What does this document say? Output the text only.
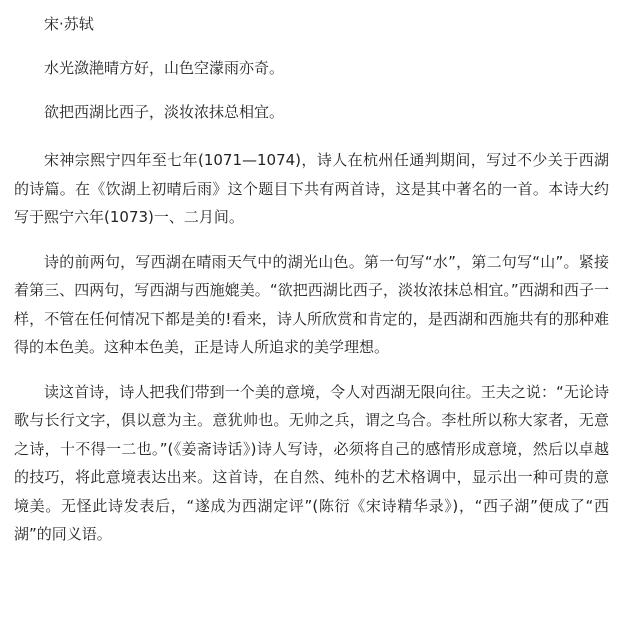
宋·苏轼
水光潋滟晴方好，山色空濛雨亦奇。
欲把西湖比西子，淡妆浓抹总相宜。
宋神宗熙宁四年至七年(1071—1074)，诗人在杭州任通判期间，写过不少关于西湖的诗篇。在《饮湖上初晴后雨》这个题目下共有两首诗，这是其中著名的一首。本诗大约写于熙宁六年(1073)一、二月间。
诗的前两句，写西湖在晴雨天气中的湖光山色。第一句写“水”，第二句写“山”。紧接着第三、四两句，写西湖与西施媲美。“欲把西湖比西子，淡妆浓抹总相宜。”西湖和西子一样，不管在任何情况下都是美的!看来，诗人所欣赏和肯定的，是西湖和西施共有的那种难得的本色美。这种本色美，正是诗人所追求的美学理想。
读这首诗，诗人把我们带到一个美的意境，令人对西湖无限向往。王夫之说：“无论诗歌与长行文字，俱以意为主。意犹帅也。无帅之兵，谓之乌合。李杜所以称大家者，无意之诗，十不得一二也。”(《姜斋诗话》)诗人写诗，必须将自己的感情形成意境，然后以卓越的技巧，将此意境表达出来。这首诗，在自然、纯朴的艺术格调中，显示出一种可贵的意境美。无怪此诗发表后，“遂成为西湖定评”(陈衍《宋诗精华录》)，“西子湖”便成了“西湖”的同义语。
